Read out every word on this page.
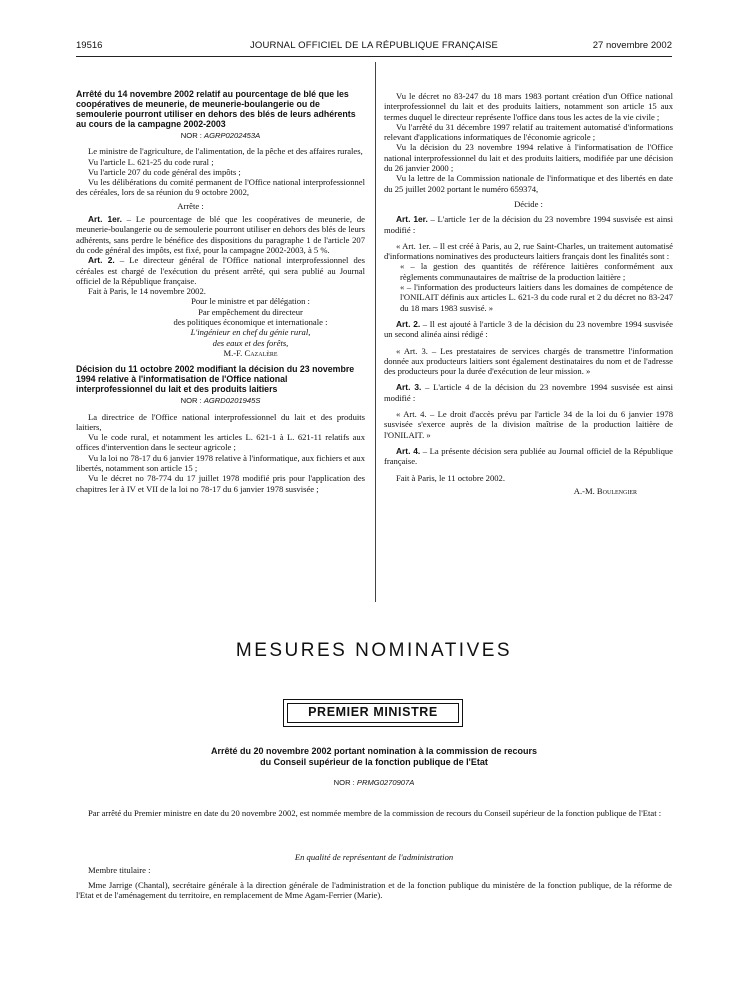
19516	JOURNAL OFFICIEL DE LA RÉPUBLIQUE FRANÇAISE	27 novembre 2002
Arrêté du 14 novembre 2002 relatif au pourcentage de blé que les coopératives de meunerie, de meunerie-boulangerie ou de semoulerie pourront utiliser en dehors des blés de leurs adhérents au cours de la campagne 2002-2003
NOR : AGRP0202453A

Le ministre de l'agriculture, de l'alimentation, de la pêche et des affaires rurales,

Vu l'article L. 621-25 du code rural ;

Vu l'article 207 du code général des impôts ;

Vu les délibérations du comité permanent de l'Office national interprofessionnel des céréales, lors de sa réunion du 9 octobre 2002,

Arrête :

Art. 1er. – Le pourcentage de blé que les coopératives de meunerie, de meunerie-boulangerie ou de semoulerie pourront utiliser en dehors des blés de leurs adhérents, sans perdre le bénéfice des dispositions du paragraphe 1 de l'article 207 du code général des impôts, est fixé, pour la campagne 2002-2003, à 5 %.

Art. 2. – Le directeur général de l'Office national interprofessionnel des céréales est chargé de l'exécution du présent arrêté, qui sera publié au Journal officiel de la République française.

Fait à Paris, le 14 novembre 2002.

Pour le ministre et par délégation :

Par empêchement du directeur

des politiques économique et internationale :

L'ingénieur en chef du génie rural,

des eaux et des forêts,

M.-F. Cazalère

Décision du 11 octobre 2002 modifiant la décision du 23 novembre 1994 relative à l'informatisation de l'Office national interprofessionnel du lait et des produits laitiers
NOR : AGRD0201945S

La directrice de l'Office national interprofessionnel du lait et des produits laitiers,

Vu le code rural, et notamment les articles L. 621-1 à L. 621-11 relatifs aux offices d'intervention dans le secteur agricole ;

Vu la loi no 78-17 du 6 janvier 1978 relative à l'informatique, aux fichiers et aux libertés, notamment son article 15 ;

Vu le décret no 78-774 du 17 juillet 1978 modifié pris pour l'application des chapitres Ier à IV et VII de la loi no 78-17 du 6 janvier 1978 susvisée ;

Vu le décret no 83-247 du 18 mars 1983 portant création d'un Office national interprofessionnel du lait et des produits laitiers, notamment son article 15 aux termes duquel le directeur représente l'office dans tous les actes de la vie civile ;

Vu l'arrêté du 31 décembre 1997 relatif au traitement automatisé d'informations relevant d'applications informatiques de l'économie agricole ;

Vu la décision du 23 novembre 1994 relative à l'informatisation de l'Office national interprofessionnel du lait et des produits laitiers, modifiée par une décision du 26 janvier 2000 ;

Vu la lettre de la Commission nationale de l'informatique et des libertés en date du 25 juillet 2002 portant le numéro 659374,

Décide :

Art. 1er. – L'article 1er de la décision du 23 novembre 1994 susvisée est ainsi modifié :

« Art. 1er. – Il est créé à Paris, au 2, rue Saint-Charles, un traitement automatisé d'informations nominatives des producteurs laitiers français dont les finalités sont :

« – la gestion des quantités de référence laitières conformément aux règlements communautaires de maîtrise de la production laitière ;

« – l'information des producteurs laitiers dans les domaines de compétence de l'ONILAIT définis aux articles L. 621-3 du code rural et 2 du décret no 83-247 du 18 mars 1983 susvisé. »

Art. 2. – Il est ajouté à l'article 3 de la décision du 23 novembre 1994 susvisée un second alinéa ainsi rédigé :

« Art. 3. – Les prestataires de services chargés de transmettre l'information donnée aux producteurs laitiers sont également destinataires du nom et de l'adresse des producteurs pour la durée d'exécution de leur mission. »

Art. 3. – L'article 4 de la décision du 23 novembre 1994 susvisée est ainsi modifié :

« Art. 4. – Le droit d'accès prévu par l'article 34 de la loi du 6 janvier 1978 susvisée s'exerce auprès de la division maîtrise de la production laitière de l'ONILAIT. »

Art. 4. – La présente décision sera publiée au Journal officiel de la République française.

Fait à Paris, le 11 octobre 2002.

A.-M. Boulengier

MESURES NOMINATIVES
PREMIER MINISTRE
Arrêté du 20 novembre 2002 portant nomination à la commission de recours
du Conseil supérieur de la fonction publique de l'Etat
NOR : PRMG0270907A
Par arrêté du Premier ministre en date du 20 novembre 2002, est nommée membre de la commission de recours du Conseil supérieur de la fonction publique de l'Etat :
En qualité de représentant de l'administration
Membre titulaire :
Mme Jarrige (Chantal), secrétaire générale à la direction générale de l'administration et de la fonction publique du ministère de la fonction publique, de la réforme de l'Etat et de l'aménagement du territoire, en remplacement de Mme Agam-Ferrier (Marie).
